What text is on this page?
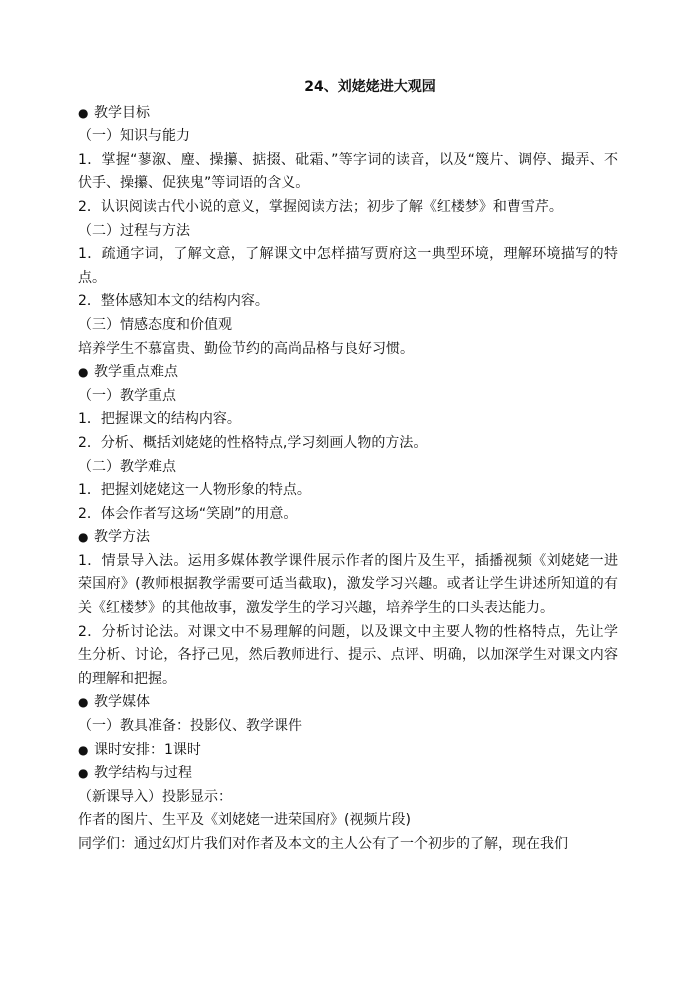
24、刘姥姥进大观园
● 教学目标
（一）知识与能力
1．掌握“蓼溆、麈、操攥、掂掇、砒霜、”等字词的读音，以及“篾片、调停、撮弄、不伏手、操攥、促狭鬼”等词语的含义。
2．认识阅读古代小说的意义，掌握阅读方法；初步了解《红楼梦》和曹雪芹。
（二）过程与方法
1．疏通字词，了解文意，了解课文中怎样描写贾府这一典型环境，理解环境描写的特点。
2．整体感知本文的结构内容。
（三）情感态度和价值观
培养学生不慕富贵、勤俭节约的高尚品格与良好习惯。
● 教学重点难点
（一）教学重点
1．把握课文的结构内容。
2．分析、概括刘姥姥的性格特点,学习刻画人物的方法。
（二）教学难点
1．把握刘姥姥这一人物形象的特点。
2．体会作者写这场“笑剧”的用意。
● 教学方法
1．情景导入法。运用多媒体教学课件展示作者的图片及生平，插播视频《刘姥姥一进荣国府》(教师根据教学需要可适当截取)，激发学习兴趣。或者让学生讲述所知道的有关《红楼梦》的其他故事，激发学生的学习兴趣，培养学生的口头表达能力。
2．分析讨论法。对课文中不易理解的问题，以及课文中主要人物的性格特点，先让学生分析、讨论，各抒己见，然后教师进行、提示、点评、明确，以加深学生对课文内容的理解和把握。
● 教学媒体
（一）教具准备：投影仪、教学课件
● 课时安排：1课时
● 教学结构与过程
（新课导入）投影显示：
作者的图片、生平及《刘姥姥一进荣国府》(视频片段)
同学们：通过幻灯片我们对作者及本文的主人公有了一个初步的了解，现在我们
